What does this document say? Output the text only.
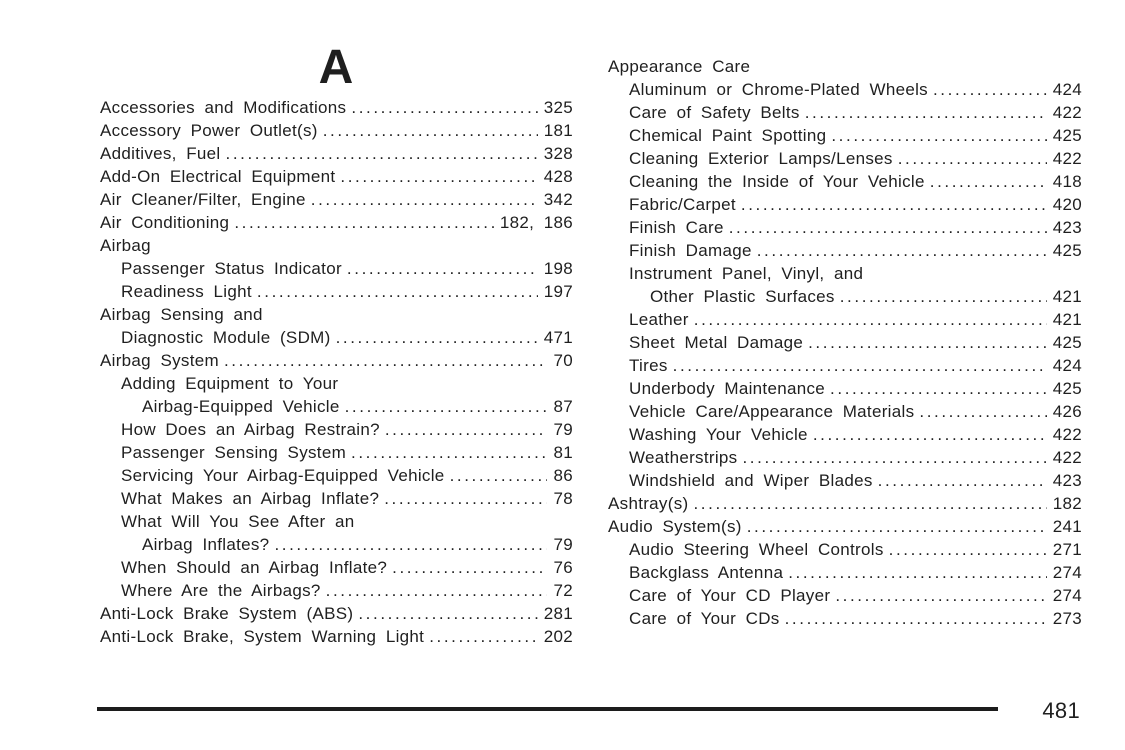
A
Accessories and Modifications .....	325
Accessory Power Outlet(s) .....	181
Additives, Fuel .....	328
Add-On Electrical Equipment .....	428
Air Cleaner/Filter, Engine .....	342
Air Conditioning .....	182, 186
Airbag
Passenger Status Indicator .....	198
Readiness Light .....	197
Airbag Sensing and
Diagnostic Module (SDM) .....	471
Airbag System .....	70
Adding Equipment to Your
Airbag-Equipped Vehicle .....	87
How Does an Airbag Restrain? .....	79
Passenger Sensing System .....	81
Servicing Your Airbag-Equipped Vehicle .....	86
What Makes an Airbag Inflate? .....	78
What Will You See After an
Airbag Inflates? .....	79
When Should an Airbag Inflate? .....	76
Where Are the Airbags? .....	72
Anti-Lock Brake System (ABS) .....	281
Anti-Lock Brake, System Warning Light .....	202
Appearance Care
Aluminum or Chrome-Plated Wheels .....	424
Care of Safety Belts .....	422
Chemical Paint Spotting .....	425
Cleaning Exterior Lamps/Lenses .....	422
Cleaning the Inside of Your Vehicle .....	418
Fabric/Carpet .....	420
Finish Care .....	423
Finish Damage .....	425
Instrument Panel, Vinyl, and
Other Plastic Surfaces .....	421
Leather .....	421
Sheet Metal Damage .....	425
Tires .....	424
Underbody Maintenance .....	425
Vehicle Care/Appearance Materials .....	426
Washing Your Vehicle .....	422
Weatherstrips .....	422
Windshield and Wiper Blades .....	423
Ashtray(s) .....	182
Audio System(s) .....	241
Audio Steering Wheel Controls .....	271
Backglass Antenna .....	274
Care of Your CD Player .....	274
Care of Your CDs .....	273
481
